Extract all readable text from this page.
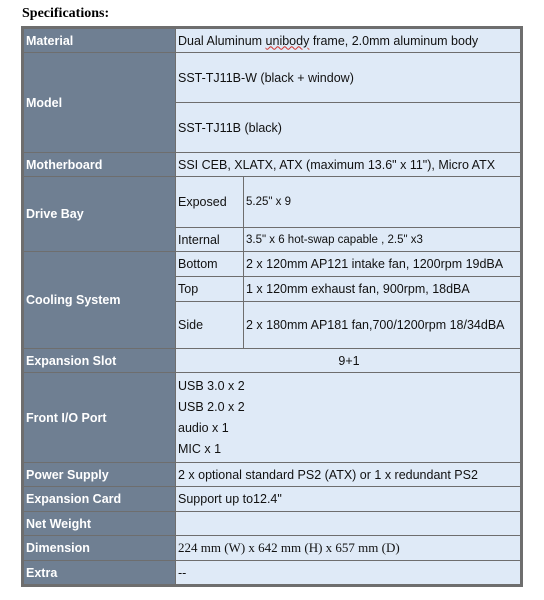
Specifications:
Material	Dual Aluminum unibody frame, 2.0mm aluminum body	
Model	SST-TJ11B-W (black + window)	
	SST-TJ11B (black)	
Motherboard	SSI CEB, XLATX, ATX (maximum 13.6" x 11"), Micro ATX	
Drive Bay	Exposed	5.25" x 9
	Internal	3.5" x 6 hot-swap capable , 2.5" x3
Cooling System	Bottom	2 x 120mm AP121 intake fan, 1200rpm 19dBA
	Top	1 x 120mm exhaust fan, 900rpm, 18dBA
	Side	2 x 180mm AP181 fan,700/1200rpm 18/34dBA
Expansion Slot	9+1	
Front I/O Port	USB 3.0 x 2
USB 2.0 x 2
audio x 1
MIC x 1	

Power Supply	2 x optional standard PS2 (ATX) or 1 x redundant PS2	
Expansion Card	Support up to12.4"	
Net Weight		
Dimension	224 mm (W) x 642 mm (H) x 657 mm (D)	
Extra	--	
